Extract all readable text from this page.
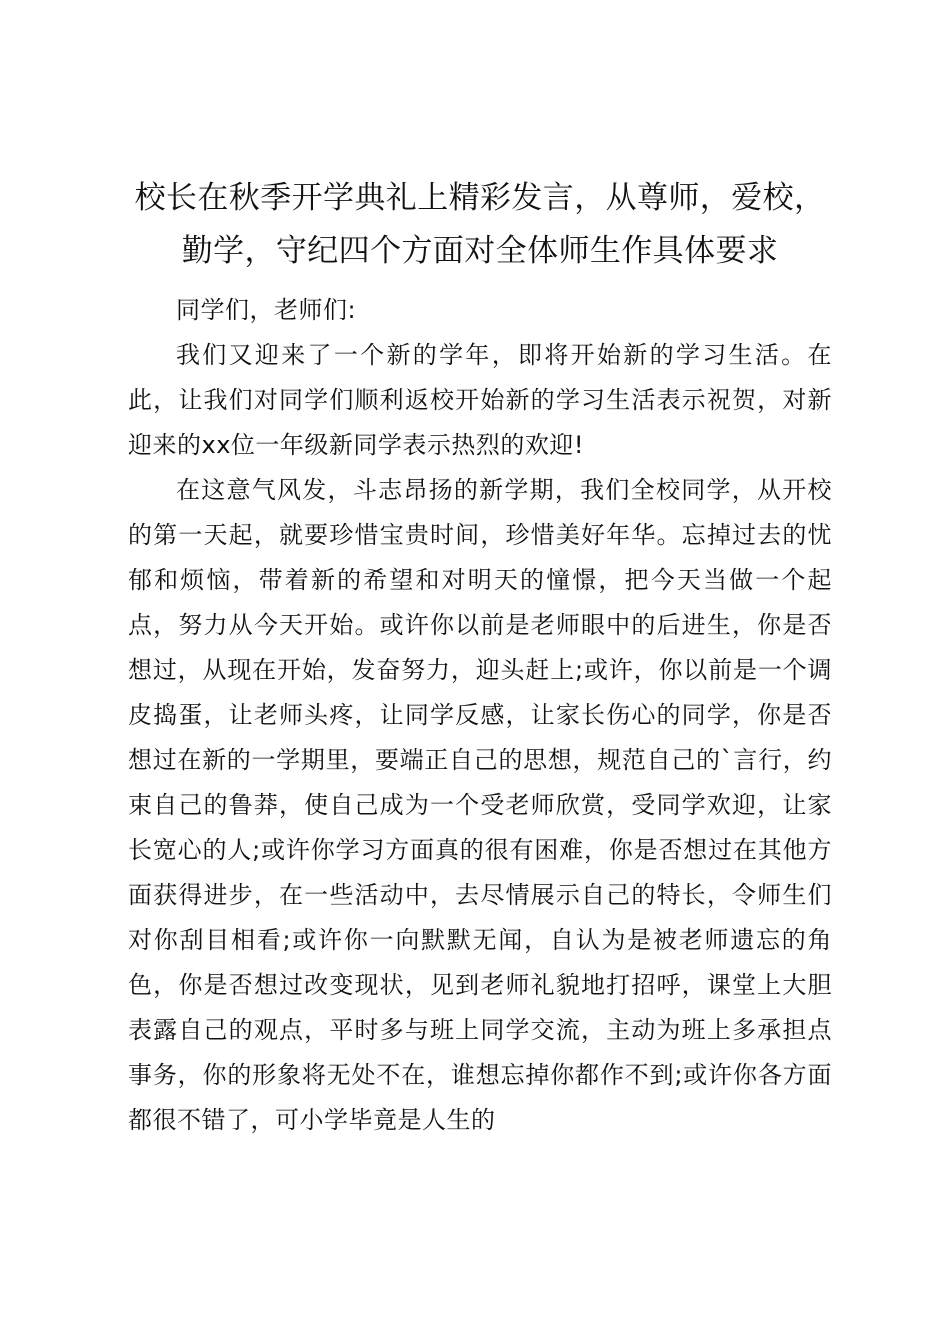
校长在秋季开学典礼上精彩发言，从尊师，爱校，勤学，守纪四个方面对全体师生作具体要求

同学们，老师们:

我们又迎来了一个新的学年，即将开始新的学习生活。在此，让我们对同学们顺利返校开始新的学习生活表示祝贺，对新迎来的xx位一年级新同学表示热烈的欢迎!

在这意气风发，斗志昂扬的新学期，我们全校同学，从开校的第一天起，就要珍惜宝贵时间，珍惜美好年华。忘掉过去的忧郁和烦恼，带着新的希望和对明天的憧憬，把今天当做一个起点，努力从今天开始。或许你以前是老师眼中的后进生，你是否想过，从现在开始，发奋努力，迎头赶上;或许，你以前是一个调皮捣蛋，让老师头疼，让同学反感，让家长伤心的同学，你是否想过在新的一学期里，要端正自己的思想，规范自己的`言行，约束自己的鲁莽，使自己成为一个受老师欣赏，受同学欢迎，让家长宽心的人;或许你学习方面真的很有困难，你是否想过在其他方面获得进步，在一些活动中，去尽情展示自己的特长，令师生们对你刮目相看;或许你一向默默无闻，自认为是被老师遗忘的角色，你是否想过改变现状，见到老师礼貌地打招呼，课堂上大胆表露自己的观点，平时多与班上同学交流，主动为班上多承担点事务，你的形象将无处不在，谁想忘掉你都作不到;或许你各方面都很不错了，可小学毕竟是人生的
